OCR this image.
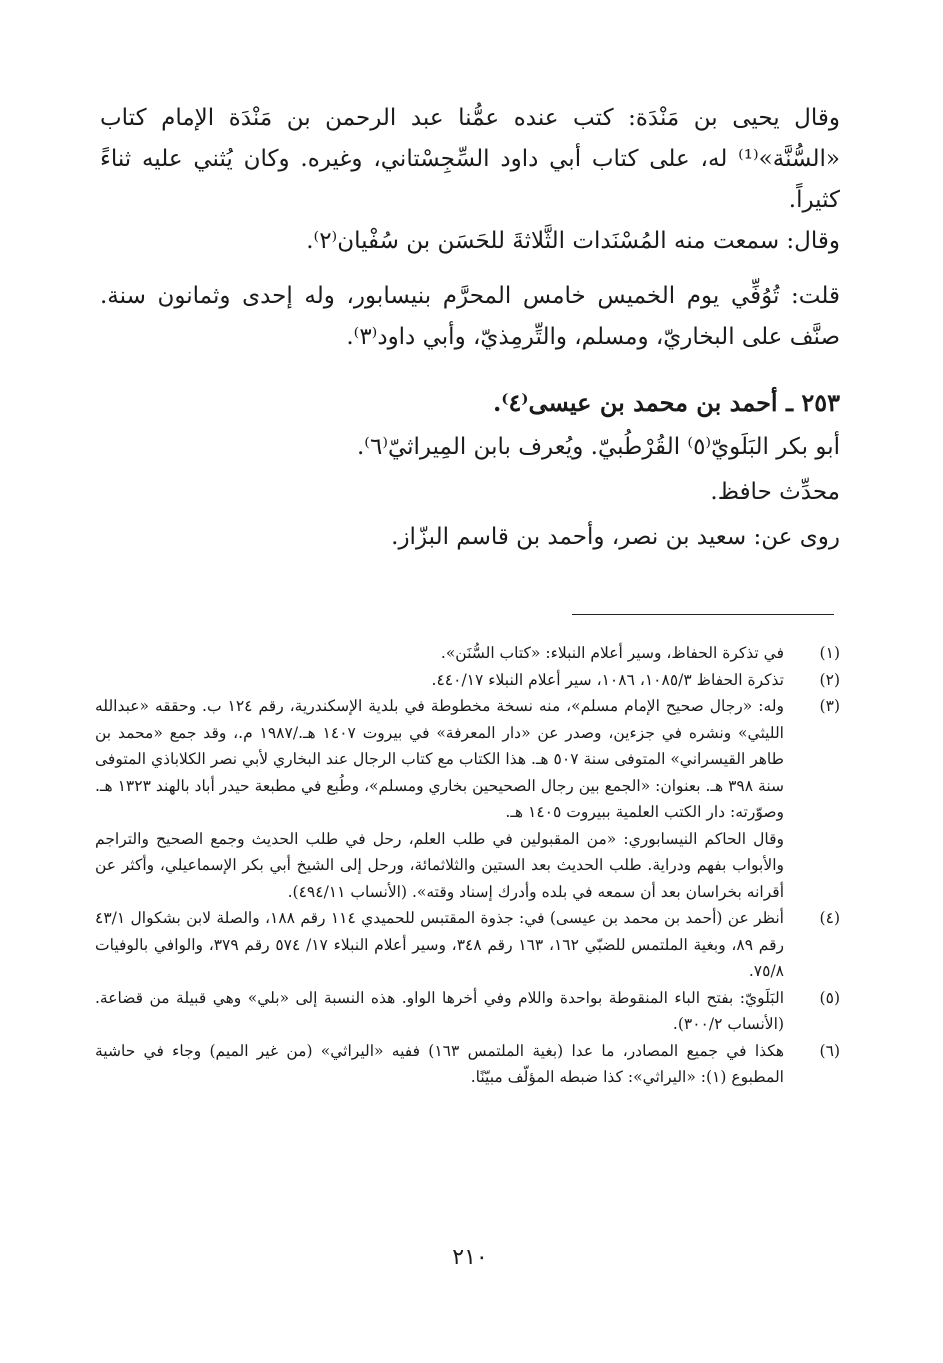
وقال يحيى بن مَنْدَة: كتب عنده عمُّنا عبد الرحمن بن مَنْدَة الإمام كتاب «السُّنَّة»⁽¹⁾ له، على كتاب أبي داود السِّجِسْتاني، وغيره. وكان يُثني عليه ثناءً كثيراً.

وقال: سمعت منه المُسْنَدات الثَّلاثةَ للحَسَن بن سُفْيان⁽٢⁾.

قلت: تُوُفِّي يوم الخميس خامس المحرَّم بنيسابور، وله إحدى وثمانون سنة. صنَّف على البخاريّ، ومسلم، والتِّرمِذيّ، وأبي داود⁽٣⁾.

٢٥٣ ـ أحمد بن محمد بن عيسى⁽٤⁾.

أبو بكر البَلَويّ⁽٥⁾ القُرْطُبيّ. ويُعرف بابن المِيراثيّ⁽٦⁾.

محدِّث حافظ.

روى عن: سعيد بن نصر، وأحمد بن قاسم البزّاز.

(١)

في تذكرة الحفاظ، وسير أعلام النبلاء: «كتاب السُّنَن».

(٢)

تذكرة الحفاظ ١٠٨٥/٣، ١٠٨٦، سير أعلام النبلاء ٤٤٠/١٧.

(٣)

وله: «رجال صحيح الإمام مسلم»، منه نسخة مخطوطة في بلدية الإسكندرية، رقم ١٢٤ ب. وحققه «عبدالله الليثي» ونشره في جزءين، وصدر عن «دار المعرفة» في بيروت ١٤٠٧ هـ./١٩٨٧ م.، وقد جمع «محمد بن طاهر القيسراني» المتوفى سنة ٥٠٧ هـ. هذا الكتاب مع كتاب الرجال عند البخاري لأبي نصر الكلاباذي المتوفى سنة ٣٩٨ هـ. بعنوان: «الجمع بين رجال الصحيحين بخاري ومسلم»، وطُبع في مطبعة حيدر أباد بالهند ١٣٢٣ هـ. وصوّرته: دار الكتب العلمية ببيروت ١٤٠٥ هـ.

وقال الحاكم النيسابوري: «من المقبولين في طلب العلم، رحل في طلب الحديث وجمع الصحيح والتراجم والأبواب بفهم ودراية. طلب الحديث بعد الستين والثلاثمائة، ورحل إلى الشيخ أبي بكر الإسماعيلي، وأكثر عن أقرانه بخراسان بعد أن سمعه في بلده وأدرك إسناد وقته». (الأنساب ٤٩٤/١١).

(٤)

أنظر عن (أحمد بن محمد بن عيسى) في: جذوة المقتبس للحميدي ١١٤ رقم ١٨٨، والصلة لابن بشكوال ٤٣/١ رقم ٨٩، وبغية الملتمس للضبّي ١٦٢، ١٦٣ رقم ٣٤٨، وسير أعلام النبلاء ١٧/ ٥٧٤ رقم ٣٧٩، والوافي بالوفيات ٧٥/٨.

(٥)

البَلَويّ: بفتح الباء المنقوطة بواحدة واللام وفي أخرها الواو. هذه النسبة إلى «بلي» وهي قبيلة من قضاعة. (الأنساب ٣٠٠/٢).

(٦)

هكذا في جميع المصادر، ما عدا (بغية الملتمس ١٦٣) ففيه «اليراثي» (من غير الميم) وجاء في حاشية المطبوع (١): «اليراثي»: كذا ضبطه المؤلّف مبيّنًا.

٢١٠
